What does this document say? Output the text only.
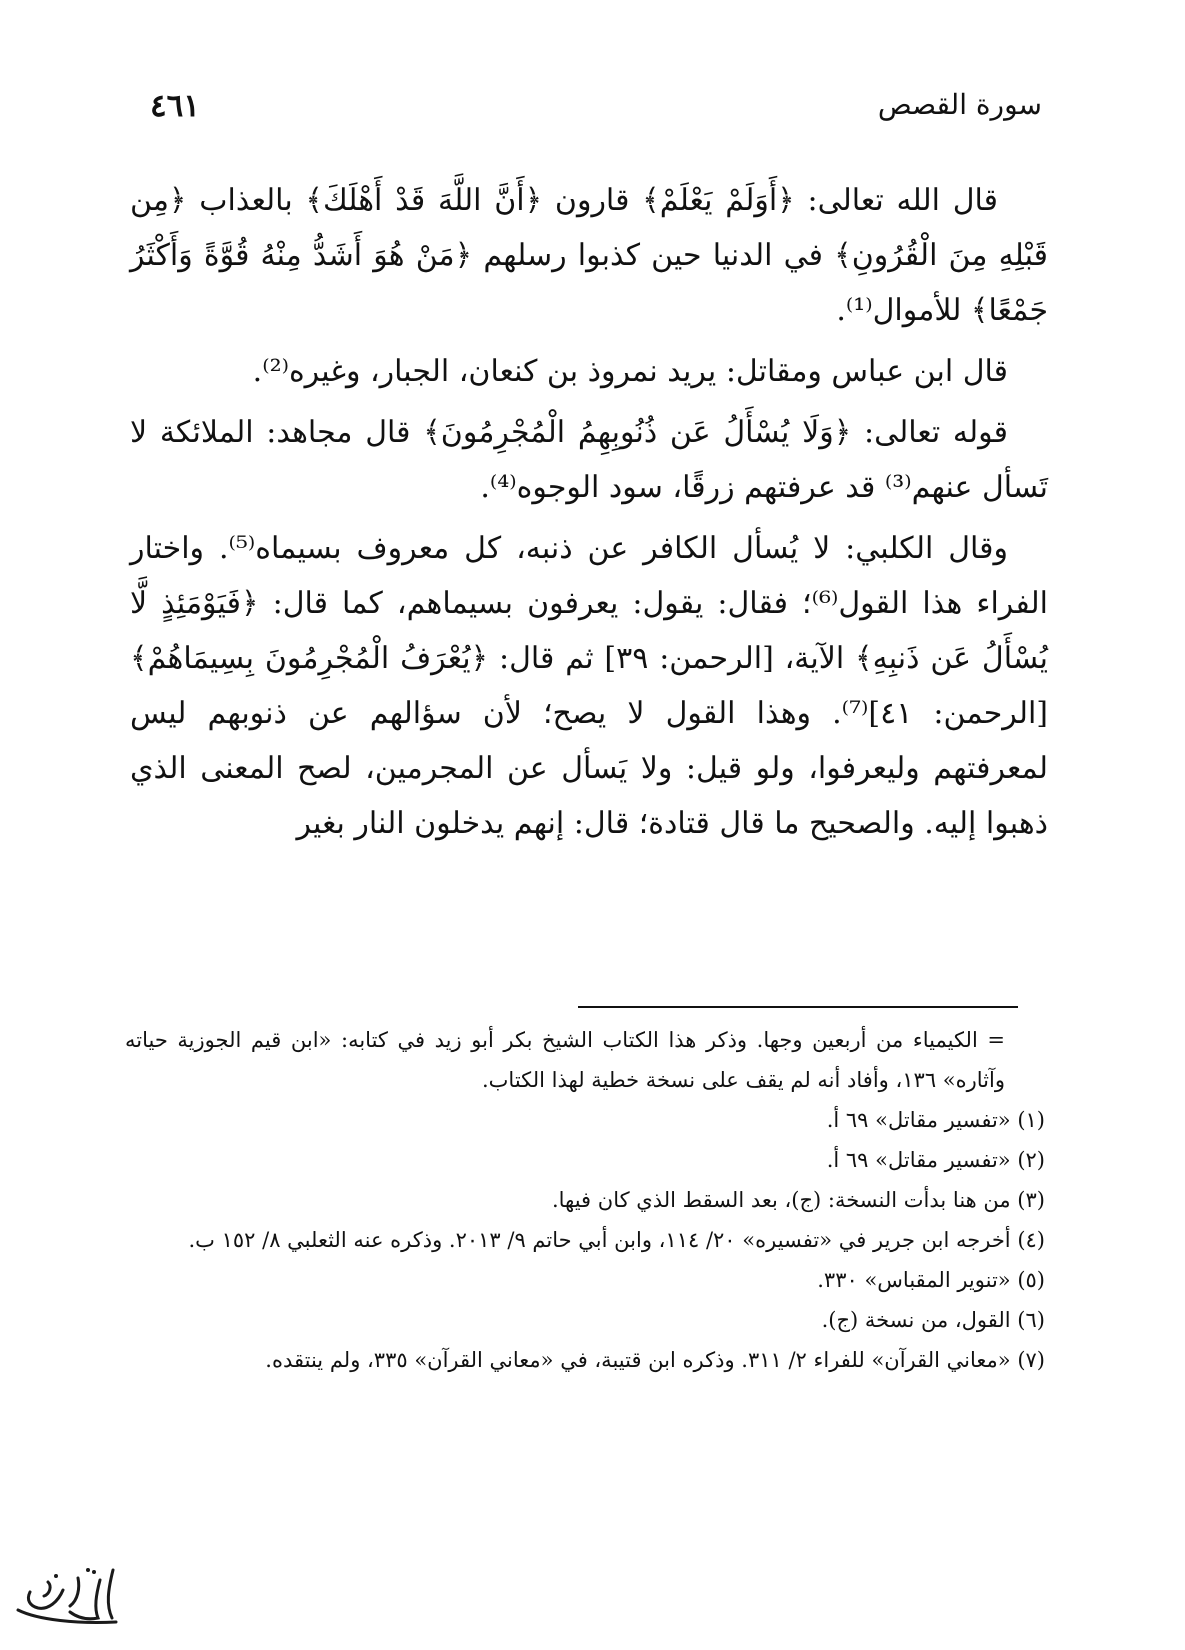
سورة القصص
٤٦١

قال الله تعالى: ﴿أَوَلَمْ يَعْلَمْ﴾ قارون ﴿أَنَّ اللَّهَ قَدْ أَهْلَكَ﴾ بالعذاب ﴿مِن قَبْلِهِ مِنَ الْقُرُونِ﴾ في الدنيا حين كذبوا رسلهم ﴿مَنْ هُوَ أَشَدُّ مِنْهُ قُوَّةً وَأَكْثَرُ جَمْعًا﴾ للأموال⁽¹⁾.

قال ابن عباس ومقاتل: يريد نمروذ بن كنعان، الجبار، وغيره⁽²⁾.

قوله تعالى: ﴿وَلَا يُسْأَلُ عَن ذُنُوبِهِمُ الْمُجْرِمُونَ﴾ قال مجاهد: الملائكة لا تَسأل عنهم⁽³⁾ قد عرفتهم زرقًا، سود الوجوه⁽⁴⁾.

وقال الكلبي: لا يُسأل الكافر عن ذنبه، كل معروف بسيماه⁽⁵⁾. واختار الفراء هذا القول⁽⁶⁾؛ فقال: يقول: يعرفون بسيماهم، كما قال: ﴿فَيَوْمَئِذٍ لَّا يُسْأَلُ عَن ذَنبِهِ﴾ الآية، [الرحمن: ٣٩] ثم قال: ﴿يُعْرَفُ الْمُجْرِمُونَ بِسِيمَاهُمْ﴾ [الرحمن: ٤١]⁽⁷⁾. وهذا القول لا يصح؛ لأن سؤالهم عن ذنوبهم ليس لمعرفتهم وليعرفوا، ولو قيل: ولا يَسأل عن المجرمين، لصح المعنى الذي ذهبوا إليه. والصحيح ما قال قتادة؛ قال: إنهم يدخلون النار بغير

= الكيمياء من أربعين وجها. وذكر هذا الكتاب الشيخ بكر أبو زيد في كتابه: «ابن قيم الجوزية حياته وآثاره» ١٣٦، وأفاد أنه لم يقف على نسخة خطية لهذا الكتاب.

(١) «تفسير مقاتل» ٦٩ أ.

(٢) «تفسير مقاتل» ٦٩ أ.

(٣) من هنا بدأت النسخة: (ج)، بعد السقط الذي كان فيها.

(٤) أخرجه ابن جرير في «تفسيره» ٢٠/ ١١٤، وابن أبي حاتم ٩/ ٢٠١٣. وذكره عنه الثعلبي ٨/ ١٥٢ ب.

(٥) «تنوير المقباس» ٣٣٠.

(٦) القول، من نسخة (ج).

(٧) «معاني القرآن» للفراء ٢/ ٣١١. وذكره ابن قتيبة، في «معاني القرآن» ٣٣٥، ولم ينتقده.
